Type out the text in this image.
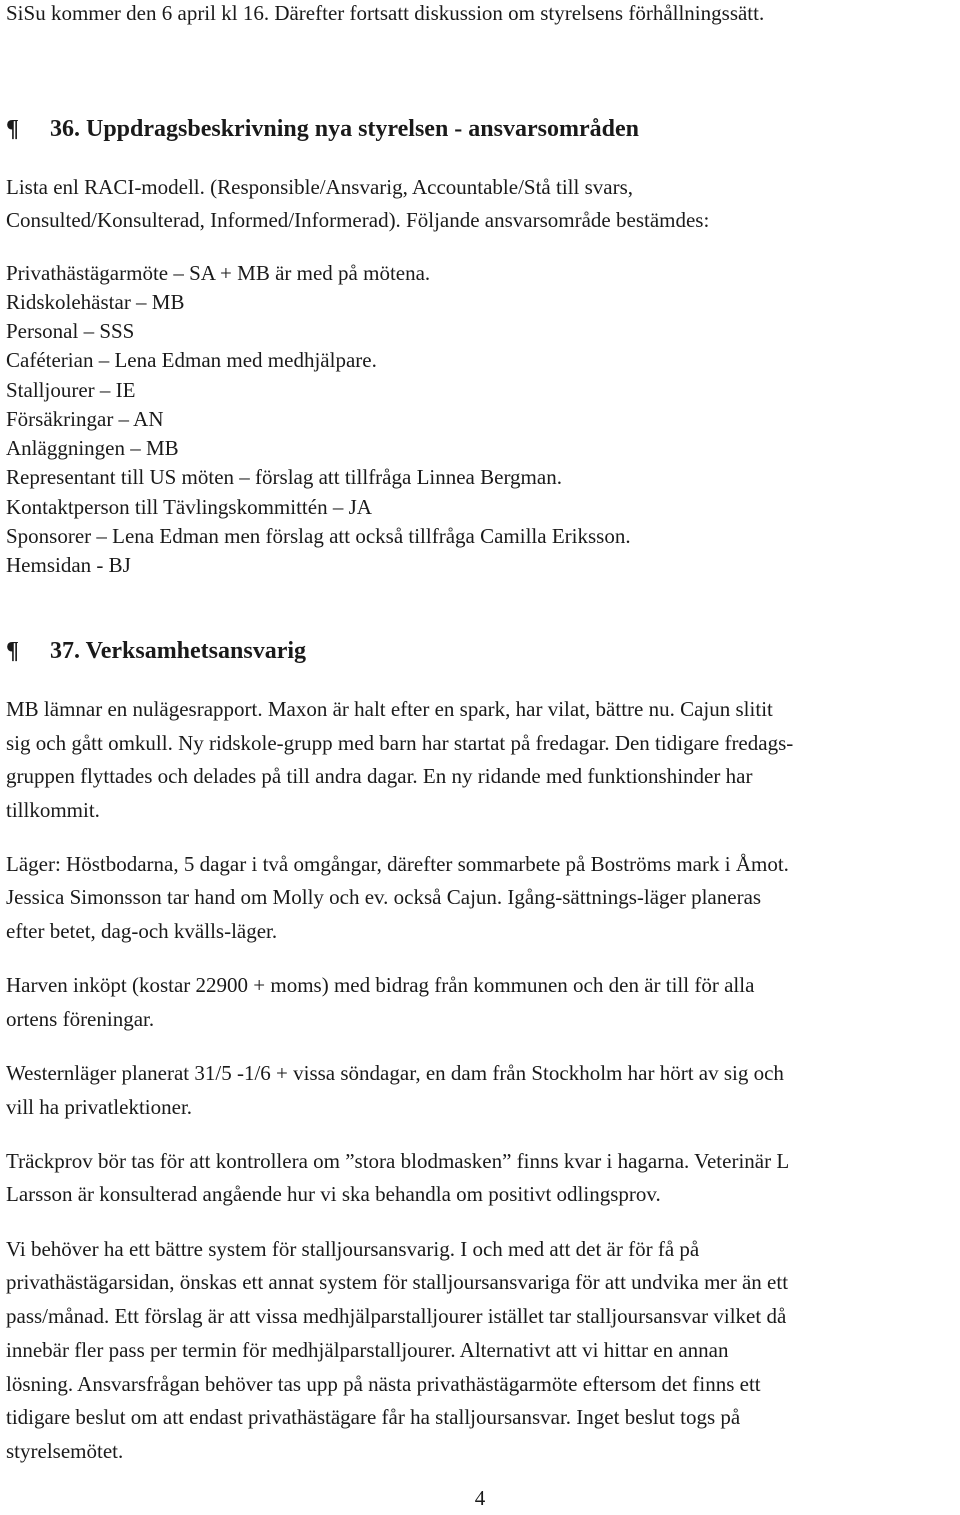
SiSu kommer den 6 april kl 16. Därefter fortsatt diskussion om styrelsens förhållningssätt.

¶ 36. Uppdragsbeskrivning nya styrelsen - ansvarsområden

Lista enl RACI-modell. (Responsible/Ansvarig, Accountable/Stå till svars,

Consulted/Konsulterad, Informed/Informerad). Följande ansvarsområde bestämdes:

Privathästägarmöte – SA + MB är med på mötena.

Ridskolehästar – MB

Personal – SSS

Caféterian – Lena Edman med medhjälpare.

Stalljourer – IE

Försäkringar – AN

Anläggningen – MB

Representant till US möten – förslag att tillfråga Linnea Bergman.

Kontaktperson till Tävlingskommittén – JA

Sponsorer – Lena Edman men förslag att också tillfråga Camilla Eriksson.

Hemsidan - BJ

¶ 37. Verksamhetsansvarig

MB lämnar en nulägesrapport. Maxon är halt efter en spark, har vilat, bättre nu. Cajun slitit

sig och gått omkull. Ny ridskole-grupp med barn har startat på fredagar. Den tidigare fredags-

gruppen flyttades och delades på till andra dagar. En ny ridande med funktionshinder har

tillkommit.

Läger: Höstbodarna, 5 dagar i två omgångar, därefter sommarbete på Boströms mark i Åmot.

Jessica Simonsson tar hand om Molly och ev. också Cajun. Igång-sättnings-läger planeras

efter betet, dag-och kvälls-läger.

Harven inköpt (kostar 22900 + moms) med bidrag från kommunen och den är till för alla

ortens föreningar.

Westernläger planerat 31/5 -1/6 + vissa söndagar, en dam från Stockholm har hört av sig och

vill ha privatlektioner.

Träckprov bör tas för att kontrollera om ”stora blodmasken” finns kvar i hagarna. Veterinär L

Larsson är konsulterad angående hur vi ska behandla om positivt odlingsprov.

Vi behöver ha ett bättre system för stalljoursansvarig. I och med att det är för få på

privathästägarsidan, önskas ett annat system för stalljoursansvariga för att undvika mer än ett

pass/månad. Ett förslag är att vissa medhjälparstalljourer istället tar stalljoursansvar vilket då

innebär fler pass per termin för medhjälparstalljourer. Alternativt att vi hittar en annan

lösning. Ansvarsfrågan behöver tas upp på nästa privathästägarmöte eftersom det finns ett

tidigare beslut om att endast privathästägare får ha stalljoursansvar. Inget beslut togs på

styrelsemötet.

4
